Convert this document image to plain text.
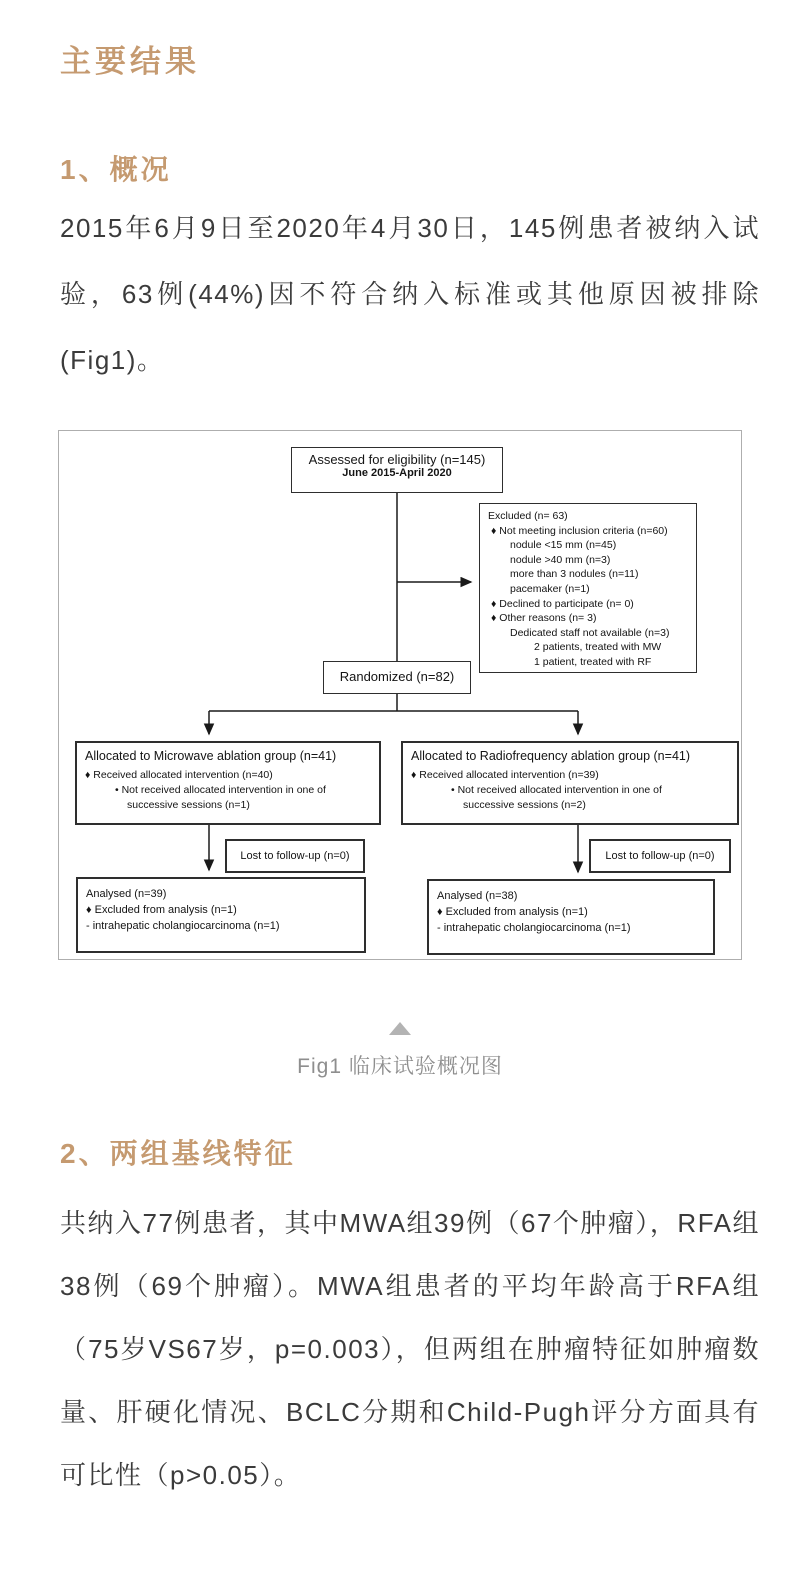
主要结果
1、概况

2015年6月9日至2020年4月30日，145例患者被纳入试验，63例(44%)因不符合纳入标准或其他原因被排除(Fig1)。

Assessed for eligibility (n=145)
June 2015-April 2020
Excluded (n= 63)
♦ Not meeting inclusion criteria (n=60)
nodule <15 mm (n=45)
nodule >40 mm (n=3)
more than 3 nodules (n=11)
pacemaker (n=1)
♦ Declined to participate (n= 0)
♦ Other reasons (n= 3)
Dedicated staff not available (n=3)
2 patients, treated with MW
1 patient, treated with RF
Randomized (n=82)
Allocated to Microwave ablation group (n=41)
♦ Received allocated intervention (n=40)
• Not received allocated intervention in one of
successive sessions (n=1)
Allocated to Radiofrequency ablation group (n=41)
♦ Received allocated intervention (n=39)
• Not received allocated intervention in one of
successive sessions (n=2)
Lost to follow-up (n=0)	Lost to follow-up (n=0)
Analysed (n=39)
♦ Excluded from analysis (n=1)
- intrahepatic cholangiocarcinoma (n=1)
Analysed (n=38)
♦ Excluded from analysis (n=1)
- intrahepatic cholangiocarcinoma (n=1)

Fig1 临床试验概况图

2、两组基线特征

共纳入77例患者，其中MWA组39例（67个肿瘤），RFA组38例（69个肿瘤）。MWA组患者的平均年龄高于RFA组（75岁VS67岁，p=0.003），但两组在肿瘤特征如肿瘤数量、肝硬化情况、BCLC分期和Child-Pugh评分方面具有可比性（p>0.05）。
